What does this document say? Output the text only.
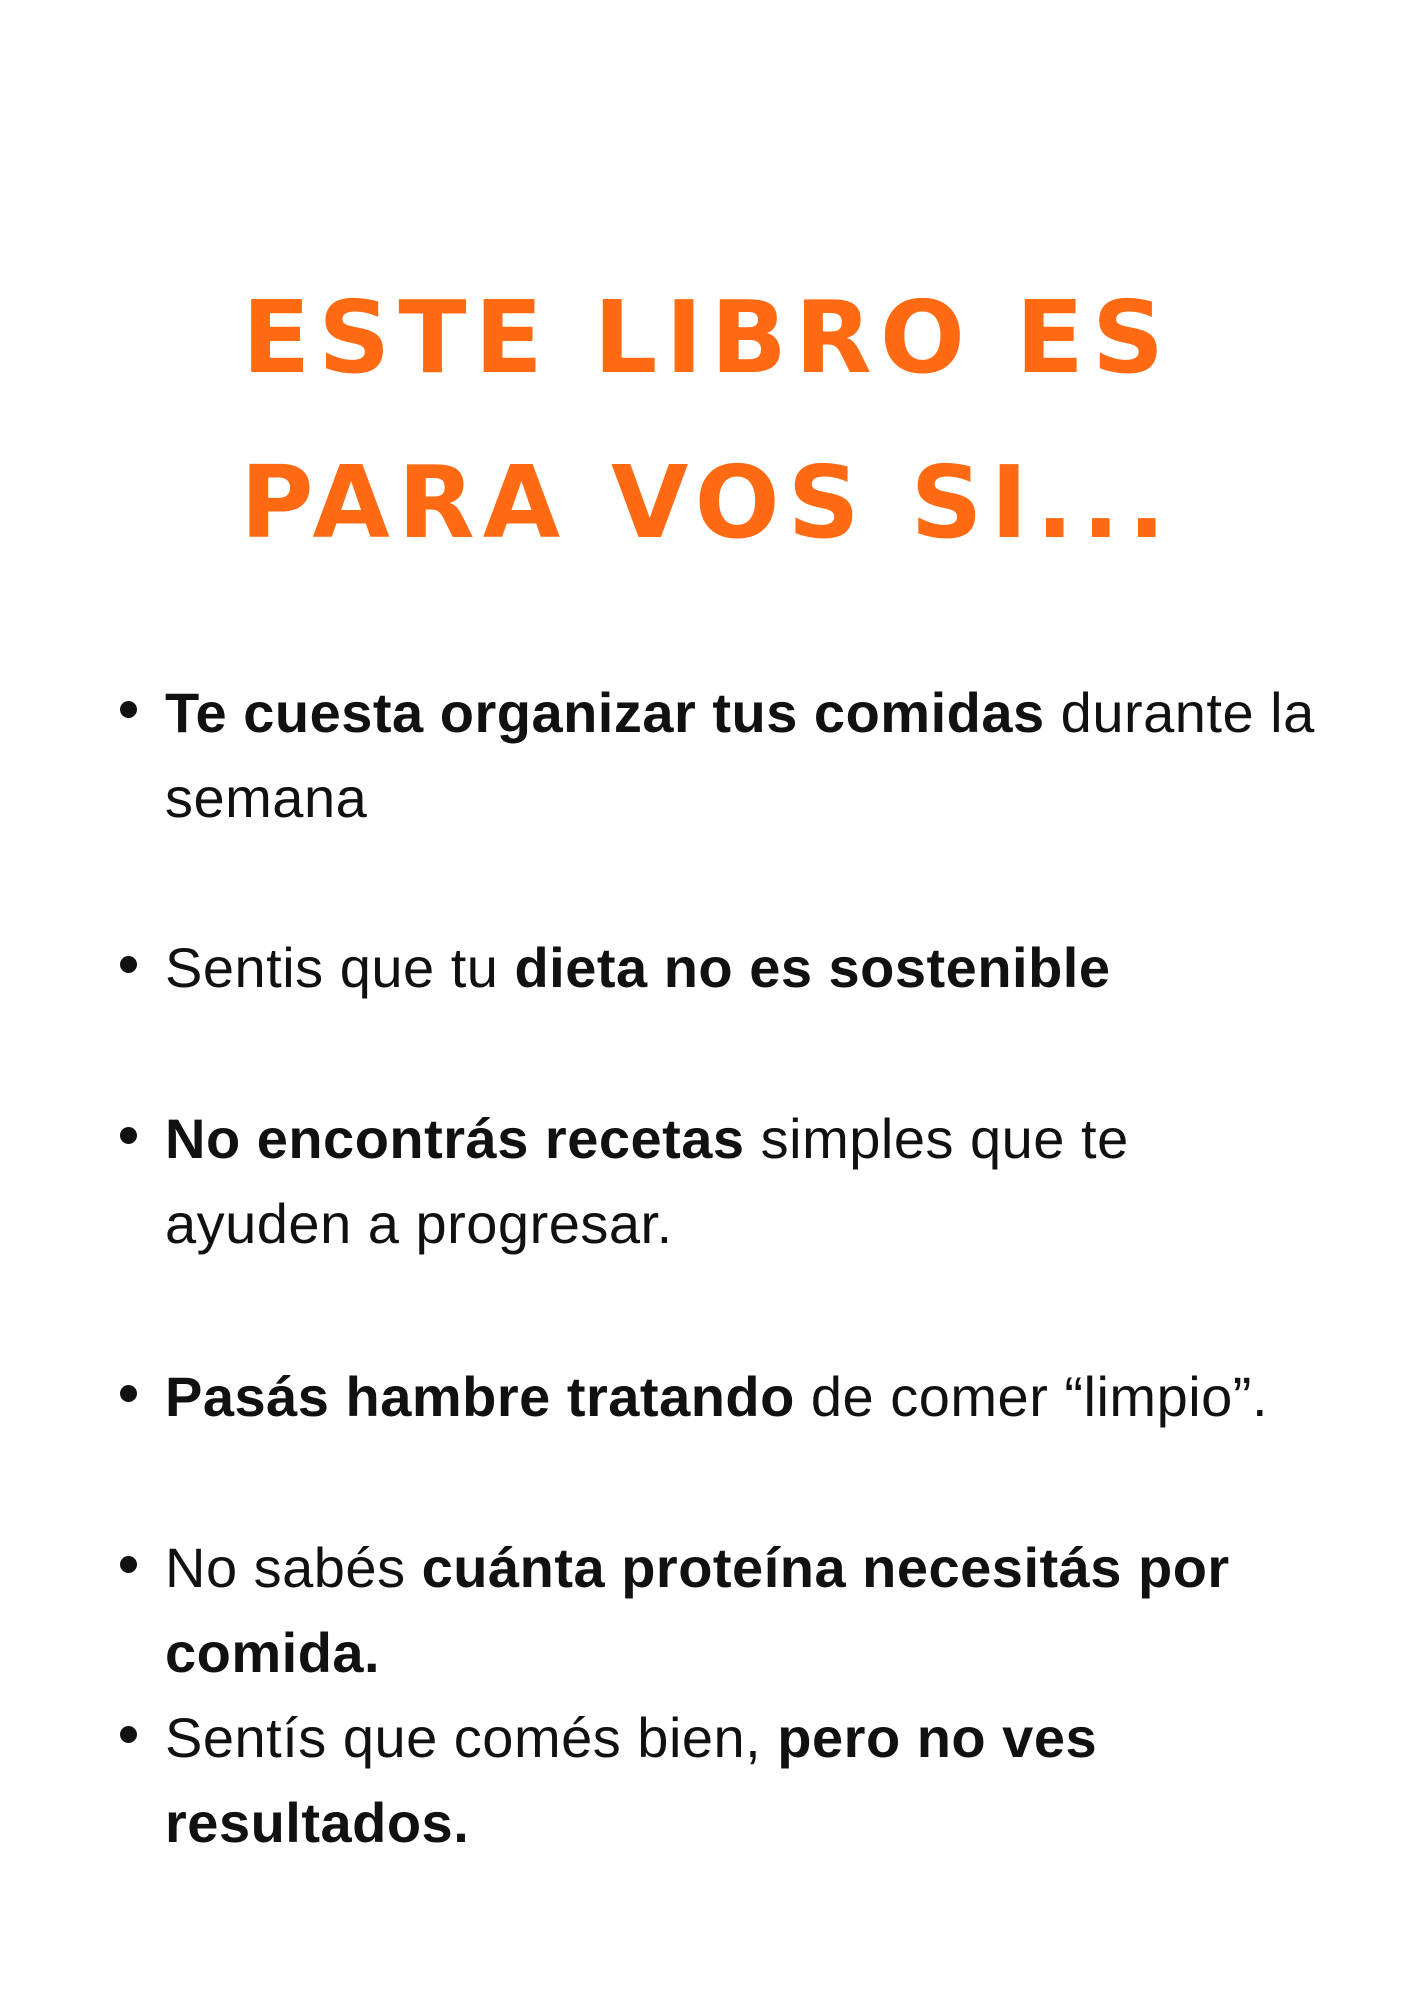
ESTE LIBRO ES
PARA VOS SI...
Te cuesta organizar tus comidas durante la semana
Sentis que tu dieta no es sostenible
No encontrás recetas simples que te ayuden a progresar.
Pasás hambre tratando de comer “limpio”.
No sabés cuánta proteína necesitás por comida.
Sentís que comés bien, pero no ves resultados.
